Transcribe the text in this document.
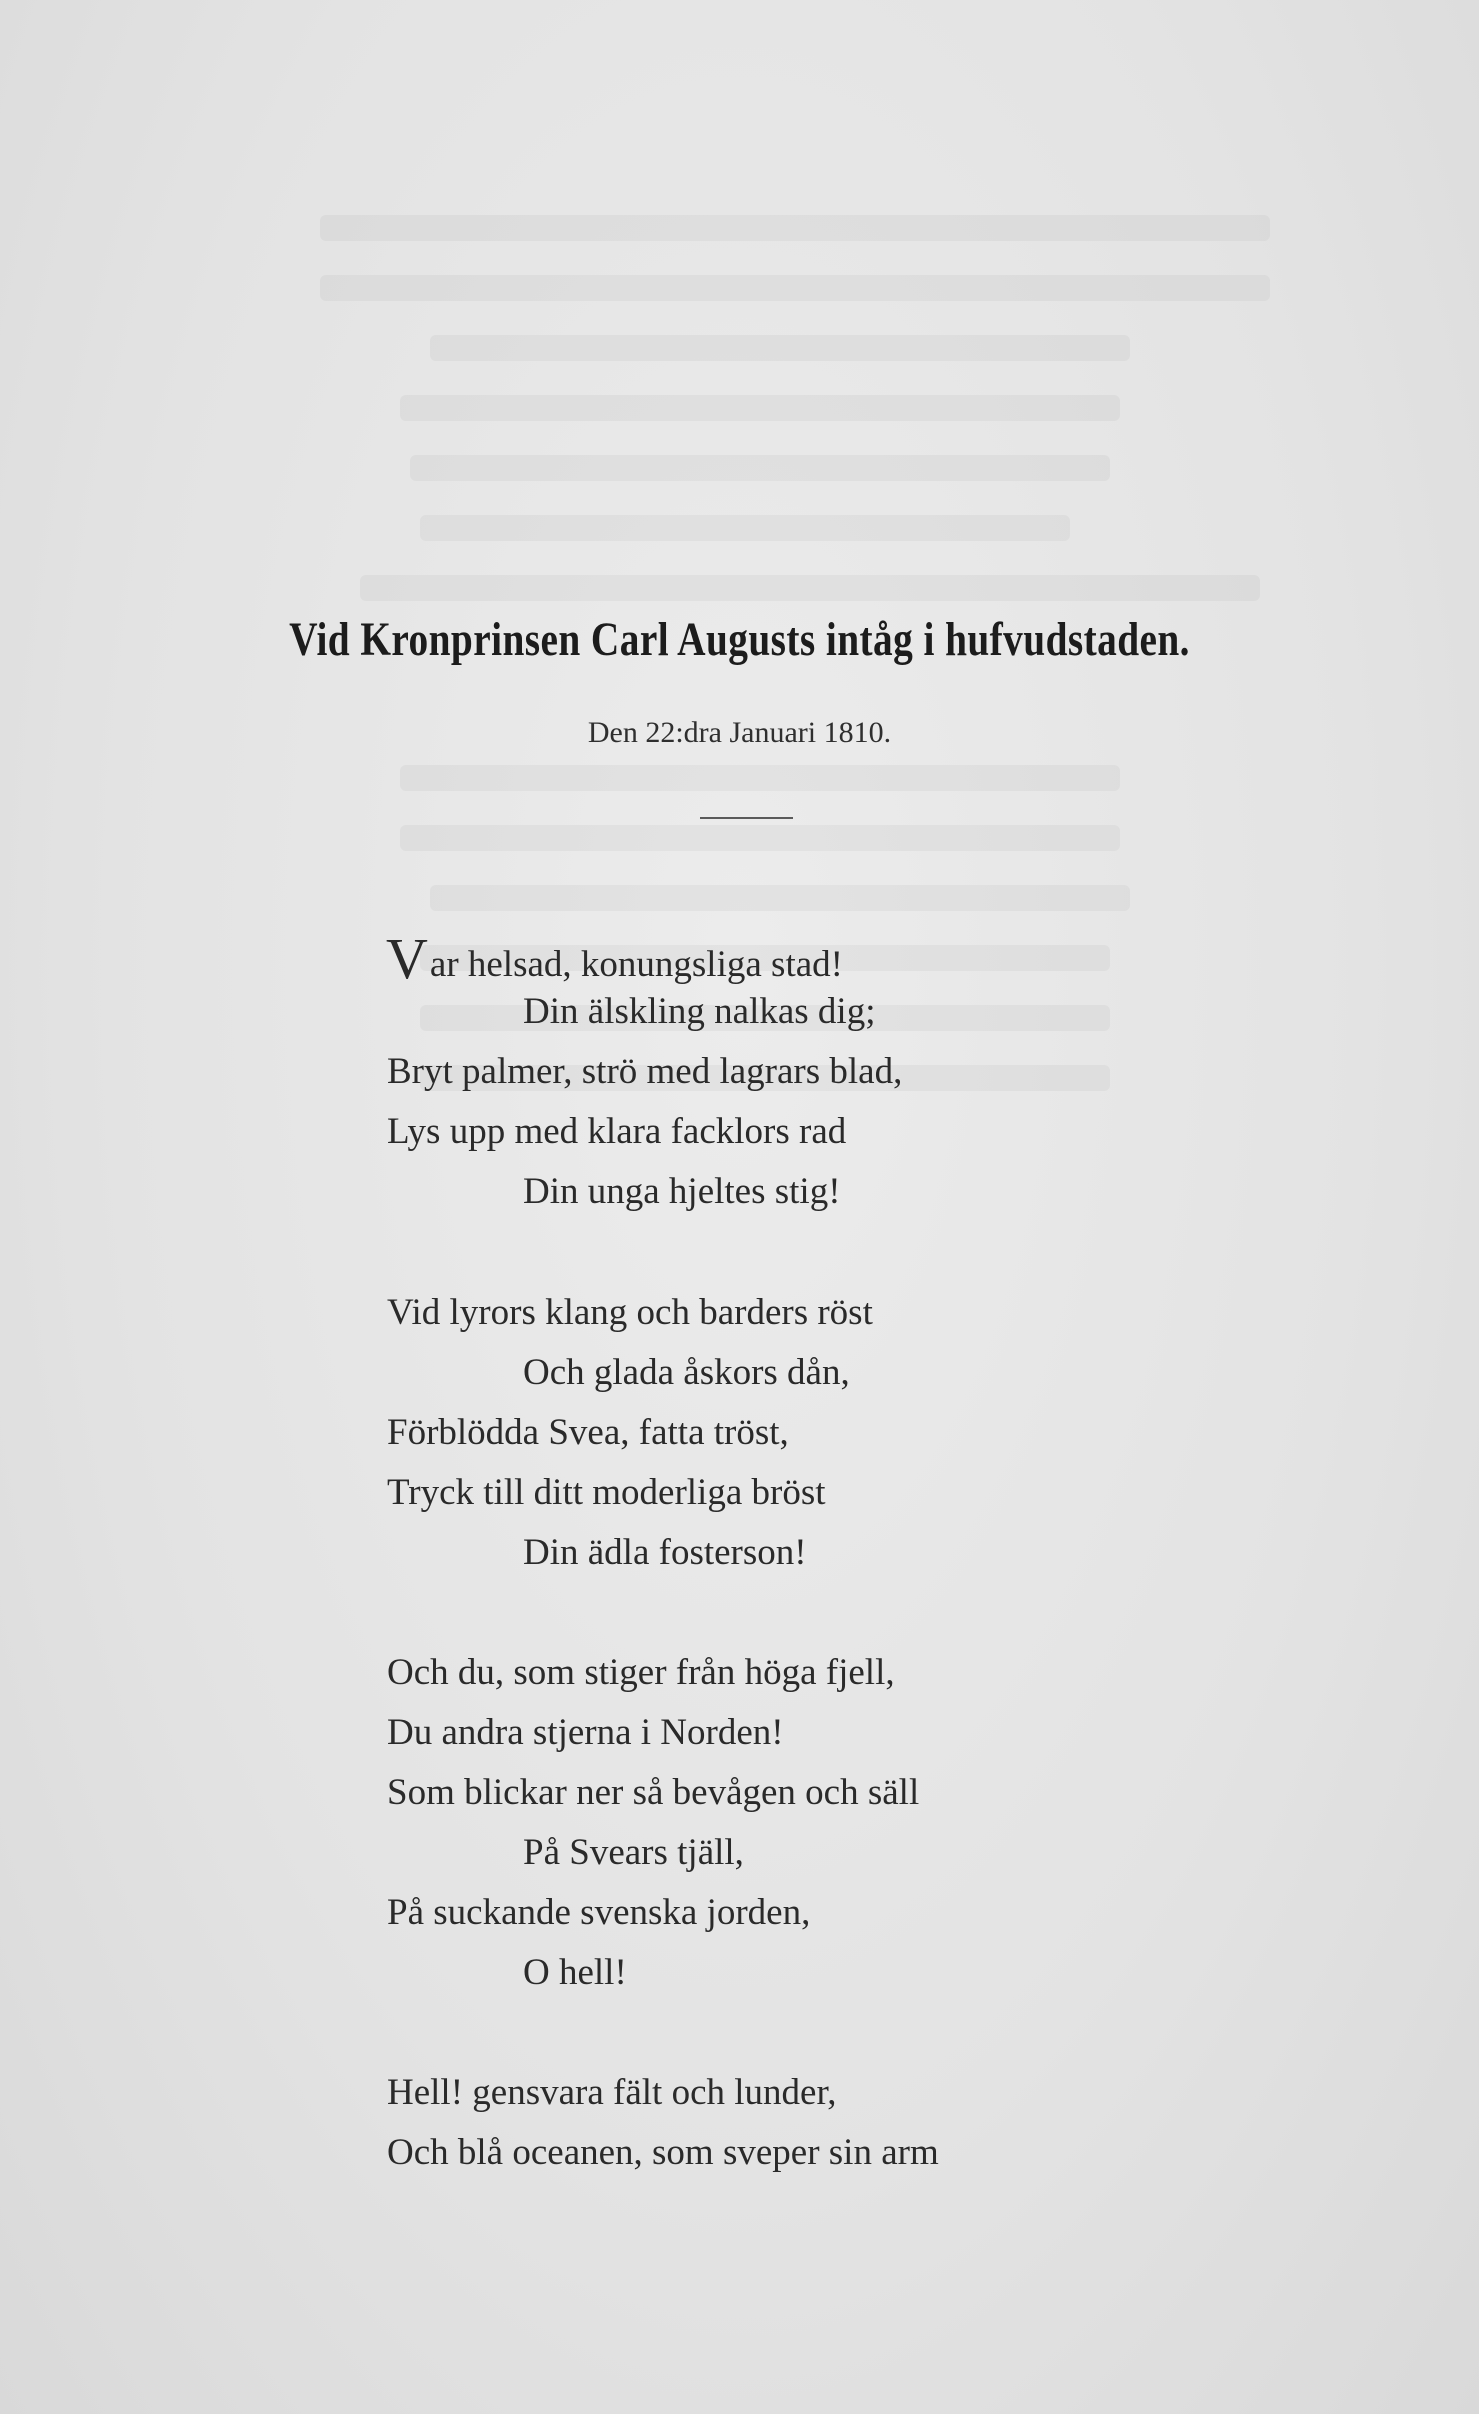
Vid Kronprinsen Carl Augusts intåg i hufvudstaden.
Den 22:dra Januari 1810.
Var helsad, konungsliga stad!
Din älskling nalkas dig;
Bryt palmer, strö med lagrars blad,
Lys upp med klara facklors rad
Din unga hjeltes stig!
Vid lyrors klang och barders röst
Och glada åskors dån,
Förblödda Svea, fatta tröst,
Tryck till ditt moderliga bröst
Din ädla fosterson!
Och du, som stiger från höga fjell,
Du andra stjerna i Norden!
Som blickar ner så bevågen och säll
På Svears tjäll,
På suckande svenska jorden,
O hell!
Hell! gensvara fält och lunder,
Och blå oceanen, som sveper sin arm
